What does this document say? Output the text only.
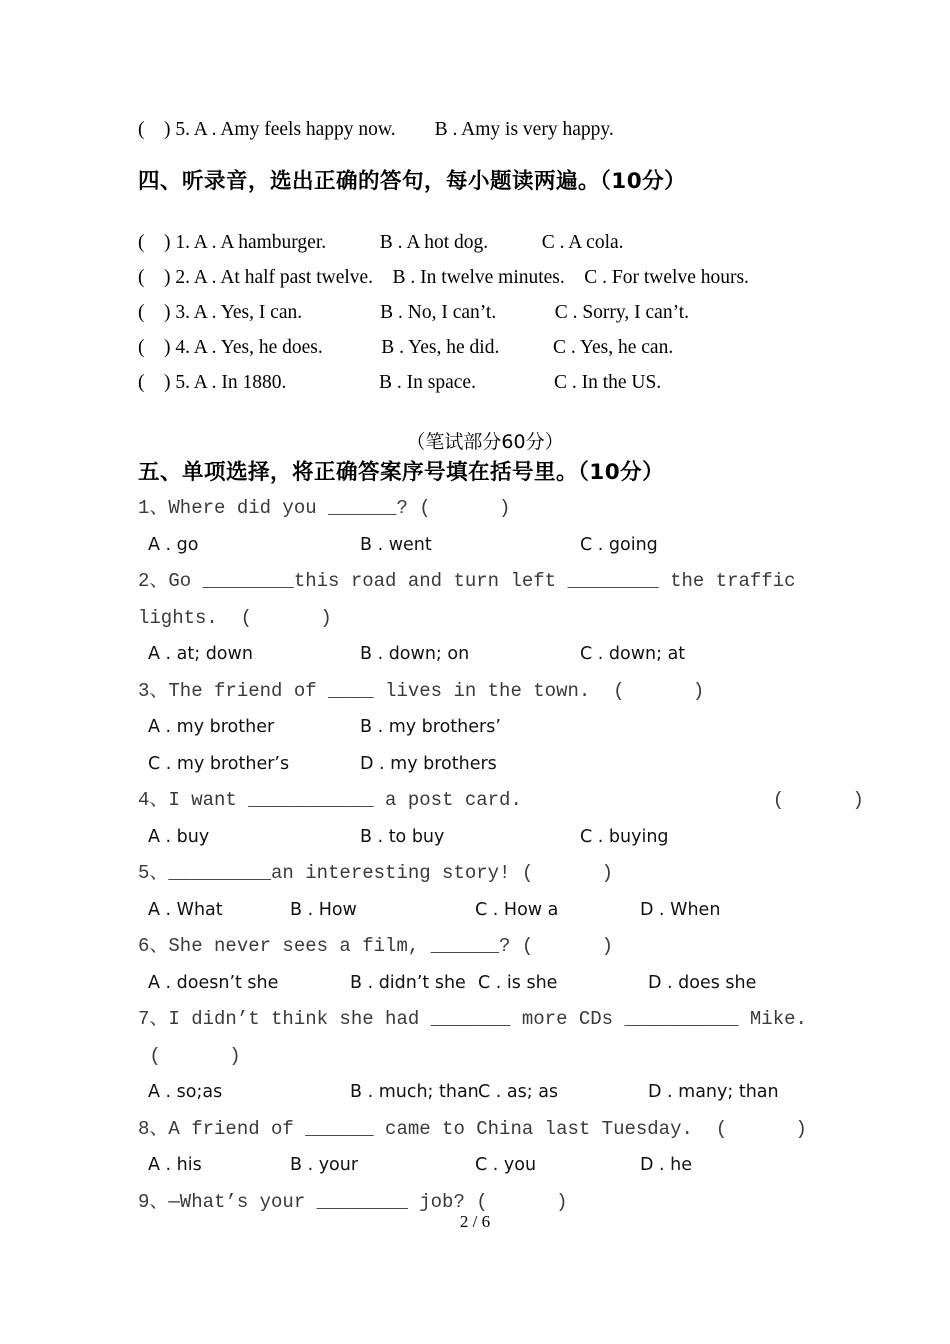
(    ) 5. A . Amy feels happy now.        B . Amy is very happy.
四、听录音，选出正确的答句，每小题读两遍。（10分）
(    ) 1. A . A hamburger.           B . A hot dog.           C . A cola.
(    ) 2. A . At half past twelve.    B . In twelve minutes.    C . For twelve hours.
(    ) 3. A . Yes, I can.                B . No, I can’t.            C . Sorry, I can’t.
(    ) 4. A . Yes, he does.            B . Yes, he did.           C . Yes, he can.
(    ) 5. A . In 1880.                   B . In space.                C . In the US.
（笔试部分60分）
五、单项选择，将正确答案序号填在括号里。（10分）
1、Where did you ______? (      )
A . go	B . went	C . going
2、Go ________this road and turn left ________ the traffic
lights.  (      )
A . at; down	B . down; on	C . down; at
3、The friend of ____ lives in the town.  (      )
A . my brother	B . my brothers’
C . my brother’s	D . my brothers
4、I want ___________ a post card.                      (      )
A . buy	B . to buy	C . buying
5、_________an interesting story! (      )
A . What	B . How	C . How a	D . When
6、She never sees a film, ______? (      )
A . doesn’t she	B . didn’t she C . is she	D . does she
7、I didn’t think she had _______ more CDs __________ Mike.
(      )
A . so;as	B . much; than C . as; as	D . many; than
8、A friend of ______ came to China last Tuesday.  (      )
A . his	B . your	C . you	D . he
9、—What’s your ________ job? (      )
2 / 6
